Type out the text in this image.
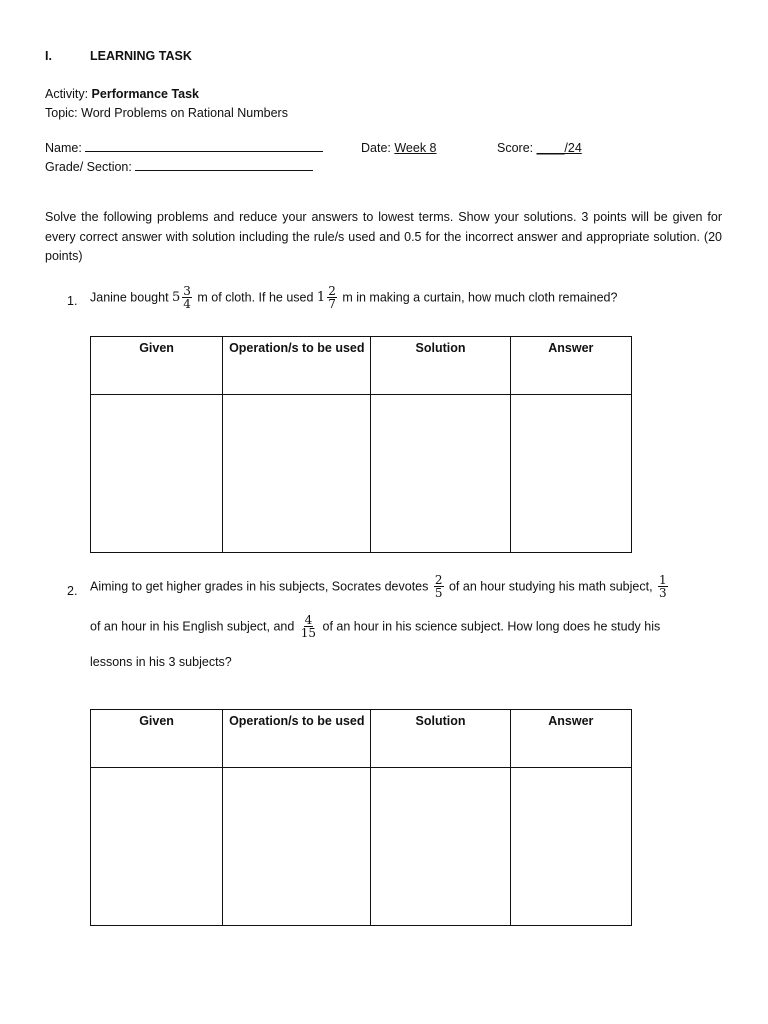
I.	LEARNING TASK
Activity: Performance Task
Topic: Word Problems on Rational Numbers
Name:	Date: Week 8	Score: ____/24
Grade/ Section:
Solve the following problems and reduce your answers to lowest terms. Show your solutions. 3 points will be given for every correct answer with solution including the rule/s used and 0.5 for the incorrect answer and appropriate solution. (20 points)
1. Janine bought $5 \frac{3}{4}$ m of cloth. If he used $1 \frac{2}{7}$ m in making a curtain, how much cloth remained?
Given	Operation/s to be used	Solution	Answer

2. Aiming to get higher grades in his subjects, Socrates devotes $\frac{2}{5}$ of an hour studying his math subject, $\frac{1}{3}$
of an hour in his English subject, and $\frac{4}{15}$ of an hour in his science subject. How long does he study his
lessons in his 3 subjects?
Given	Operation/s to be used	Solution	Answer
